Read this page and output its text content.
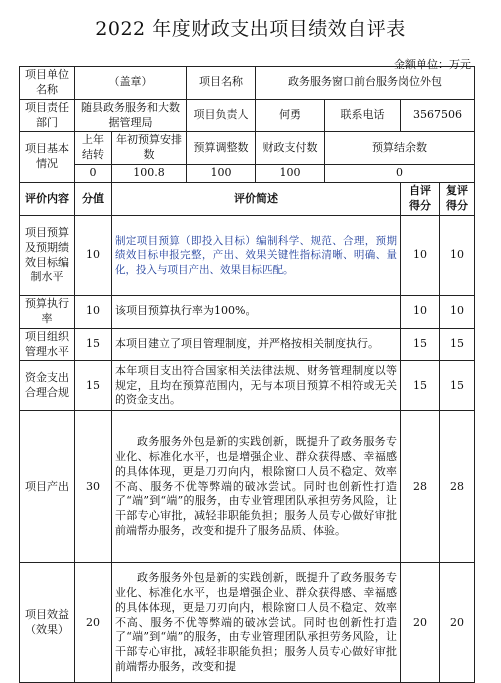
2022 年度财政支出项目绩效自评表
金额单位：万元
项目单位名称	（盖章）		项目名称	政务服务窗口前台服务岗位外包			
项目责任部门	随县政务服务和大数据管理局		项目负责人	何勇	联系电话	3567506	
项目基本情况	上年结转	年初预算安排数	预算调整数	财政支付数	预算结余数		
	0	100.8	100	100	0		
评价内容	分值	评价简述				自评得分	复评得分
项目预算及预期绩效目标编制水平	10	制定项目预算（即投入目标）编制科学、规范、合理，预期绩效目标申报完整，产出、效果关键性指标清晰、明确、量化，投入与项目产出、效果目标匹配。				10	10
预算执行率	10	该项目预算执行率为100%。				10	10
项目组织管理水平	15	本项目建立了项目管理制度，并严格按相关制度执行。				15	15
资金支出合理合规	15	本年项目支出符合国家相关法律法规、财务管理制度以等规定，且均在预算范围内，无与本项目预算不相符或无关的资金支出。				15	15
项目产出	30	政务服务外包是新的实践创新，既提升了政务服务专业化、标准化水平，也是增强企业、群众获得感、幸福感的具体体现，更是刀刃向内，根除窗口人员不稳定、效率不高、服务不优等弊端的破冰尝试。同时也创新性打造了“端”到“端”的服务，由专业管理团队承担劳务风险，让干部专心审批，减轻非职能负担；服务人员专心做好审批前端帮办服务，改变和提升了服务品质、体验。				28	28
项目效益（效果）	20	政务服务外包是新的实践创新，既提升了政务服务专业化、标准化水平，也是增强企业、群众获得感、幸福感的具体体现，更是刀刃向内，根除窗口人员不稳定、效率不高、服务不优等弊端的破冰尝试。同时也创新性打造了“端”到“端”的服务，由专业管理团队承担劳务风险，让干部专心审批，减轻非职能负担；服务人员专心做好审批前端帮办服务，改变和提				20	20
